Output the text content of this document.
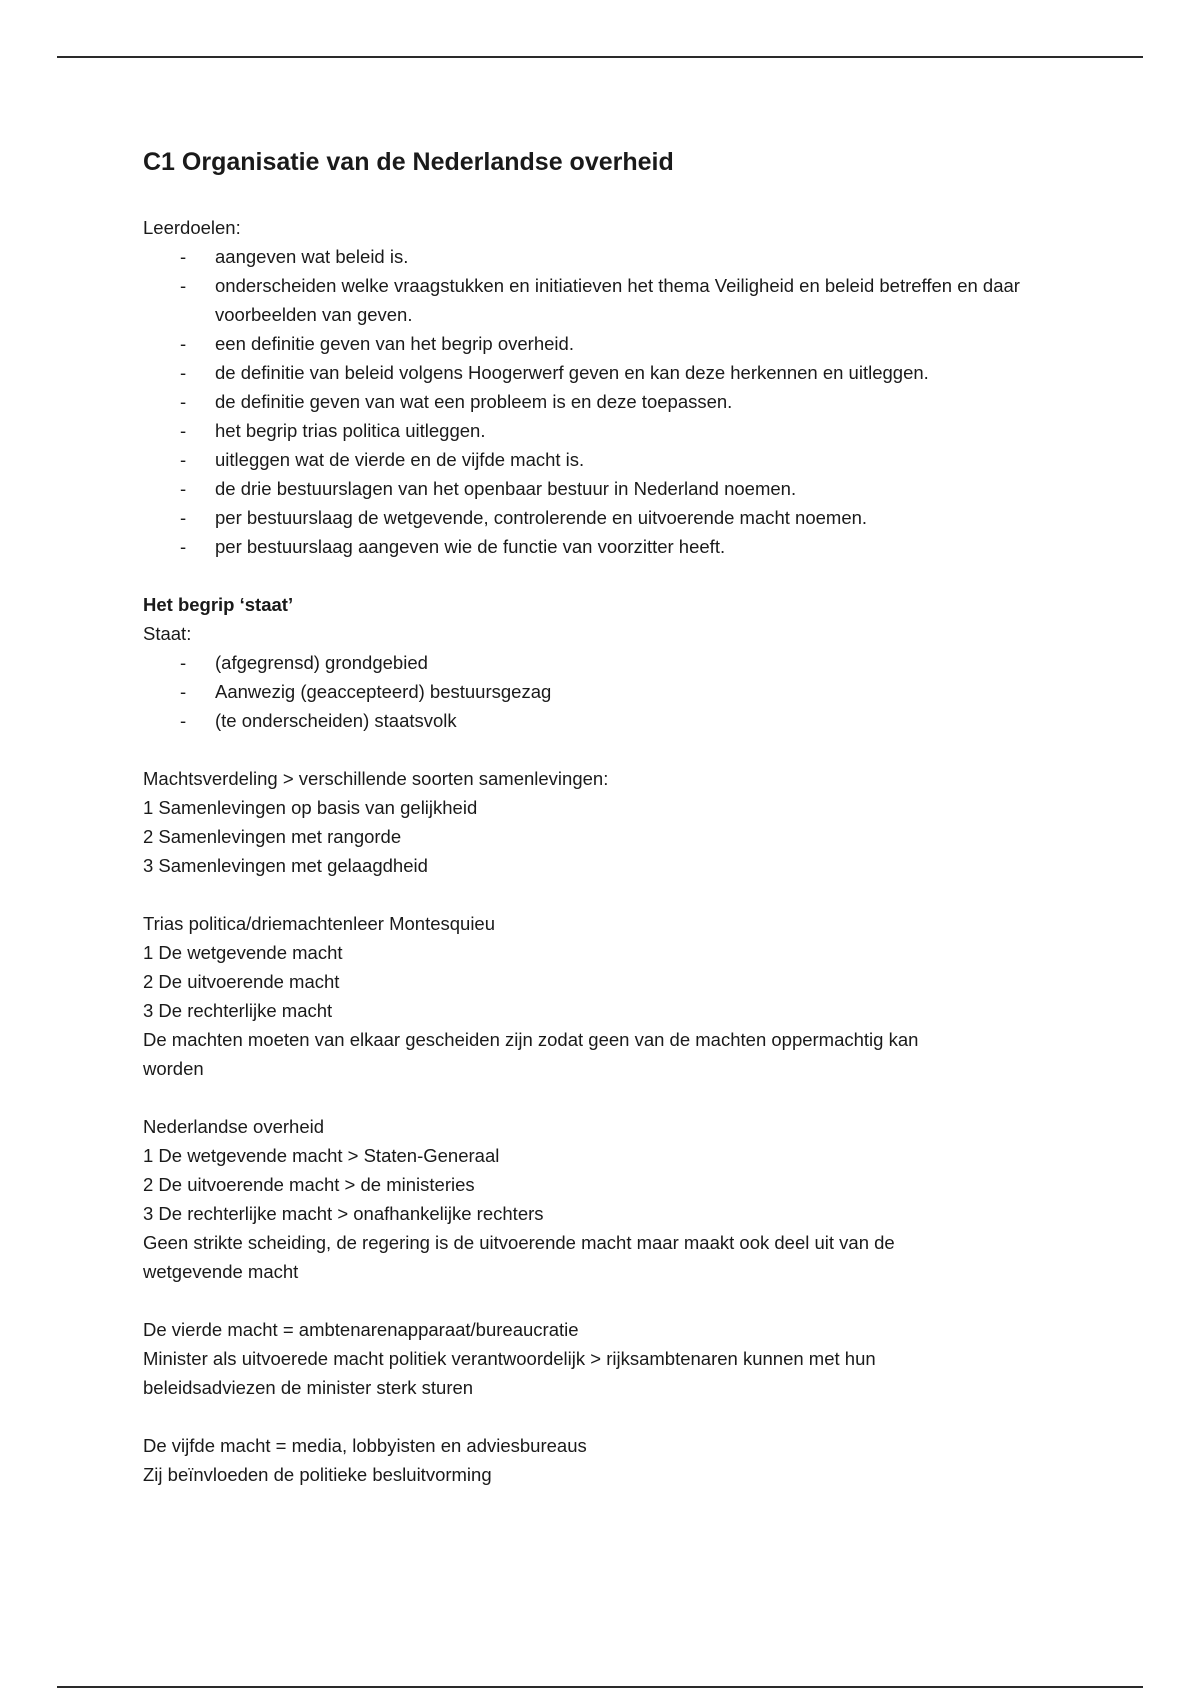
C1 Organisatie van de Nederlandse overheid

Leerdoelen:

- aangeven wat beleid is.
- onderscheiden welke vraagstukken en initiatieven het thema Veiligheid en beleid betreffen en daar voorbeelden van geven.
- een definitie geven van het begrip overheid.
- de definitie van beleid volgens Hoogerwerf geven en kan deze herkennen en uitleggen.
- de definitie geven van wat een probleem is en deze toepassen.
- het begrip trias politica uitleggen.
- uitleggen wat de vierde en de vijfde macht is.
- de drie bestuurslagen van het openbaar bestuur in Nederland noemen.
- per bestuurslaag de wetgevende, controlerende en uitvoerende macht noemen.
- per bestuurslaag aangeven wie de functie van voorzitter heeft.

Het begrip ‘staat’

Staat:

- (afgegrensd) grondgebied
- Aanwezig (geaccepteerd) bestuursgezag
- (te onderscheiden) staatsvolk

Machtsverdeling > verschillende soorten samenlevingen:

1 Samenlevingen op basis van gelijkheid

2 Samenlevingen met rangorde

3 Samenlevingen met gelaagdheid

Trias politica/driemachtenleer Montesquieu

1 De wetgevende macht

2 De uitvoerende macht

3 De rechterlijke macht

De machten moeten van elkaar gescheiden zijn zodat geen van de machten oppermachtig kan

worden

Nederlandse overheid

1 De wetgevende macht > Staten-Generaal

2 De uitvoerende macht > de ministeries

3 De rechterlijke macht > onafhankelijke rechters

Geen strikte scheiding, de regering is de uitvoerende macht maar maakt ook deel uit van de

wetgevende macht

De vierde macht = ambtenarenapparaat/bureaucratie

Minister als uitvoerede macht politiek verantwoordelijk > rijksambtenaren kunnen met hun

beleidsadviezen de minister sterk sturen

De vijfde macht = media, lobbyisten en adviesbureaus

Zij beïnvloeden de politieke besluitvorming
